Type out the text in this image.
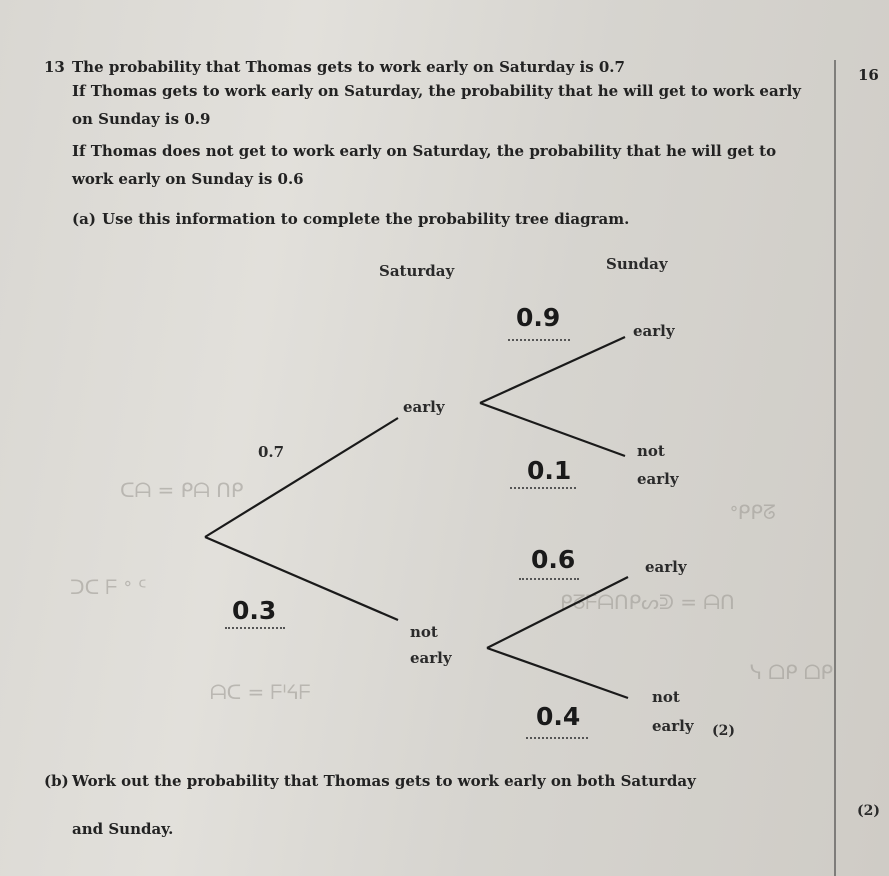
ᑕᗩ = ᑭᗩ ᑎᑭ
ᑐᑕ ᖴ ᐤ ᑦ
ᗩᑕ = ᖴᑊᔦᖴ
ᑭᘔᖴᗩᑎᑭᔕᕲ = ᗩᑎ
ᐤᑭᑭᘔ
ᓭ ᗝᑭ ᗝᑭ
13 The probability that Thomas gets to work early on Saturday is 0.7	16
If Thomas gets to work early on Saturday, the probability that he will get to work early
on Sunday is 0.9
If Thomas does not get to work early on Saturday, the probability that he will get to
work early on Sunday is 0.6
(a) Use this information to complete the probability tree diagram.
Saturday	Sunday
early
0.7
not
early
0.3
early
0.9
not
early
0.1
early
0.6
not
early
0.4	(2)
(b) Work out the probability that Thomas gets to work early on both Saturday
and Sunday.
(2)
